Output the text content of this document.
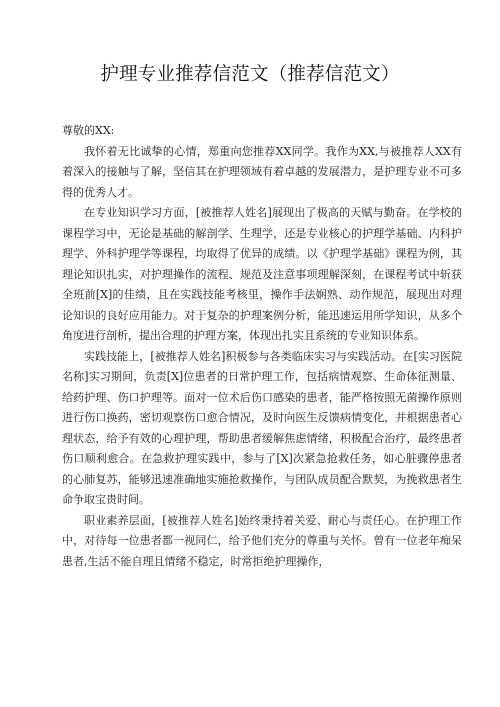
护理专业推荐信范文（推荐信范文）

尊敬的XX:

我怀着无比诚挚的心情，郑重向您推荐XX同学。我作为XX,与被推荐人XX有着深入的接触与了解，坚信其在护理领域有着卓越的发展潜力，是护理专业不可多得的优秀人才。

在专业知识学习方面，[被推荐人姓名]展现出了极高的天赋与勤奋。在学校的课程学习中，无论是基础的解剖学、生理学，还是专业核心的护理学基础、内科护理学、外科护理学等课程，均取得了优异的成绩。以《护理学基础》课程为例，其理论知识扎实，对护理操作的流程、规范及注意事项理解深刻，在课程考试中斩获全班前[X]的佳绩，且在实践技能考核里，操作手法娴熟、动作规范，展现出对理论知识的良好应用能力。对于复杂的护理案例分析，能迅速运用所学知识，从多个角度进行剖析，提出合理的护理方案，体现出扎实且系统的专业知识体系。

实践技能上，[被推荐人姓名]积极参与各类临床实习与实践活动。在[实习医院名称]实习期间，负责[X]位患者的日常护理工作，包括病情观察、生命体征测量、给药护理、伤口护理等。面对一位术后伤口感染的患者，能严格按照无菌操作原则进行伤口换药，密切观察伤口愈合情况，及时向医生反馈病情变化，并根据患者心理状态，给予有效的心理护理，帮助患者缓解焦虑情绪，积极配合治疗，最终患者伤口顺利愈合。在急救护理实践中，参与了[X]次紧急抢救任务，如心脏骤停患者的心肺复苏，能够迅速准确地实施抢救操作，与团队成员配合默契，为挽救患者生命争取宝贵时间。

职业素养层面，[被推荐人姓名]始终秉持着关爱、耐心与责任心。在护理工作中，对待每一位患者都一视同仁，给予他们充分的尊重与关怀。曾有一位老年痴呆患者,生活不能自理且情绪不稳定，时常拒绝护理操作，
